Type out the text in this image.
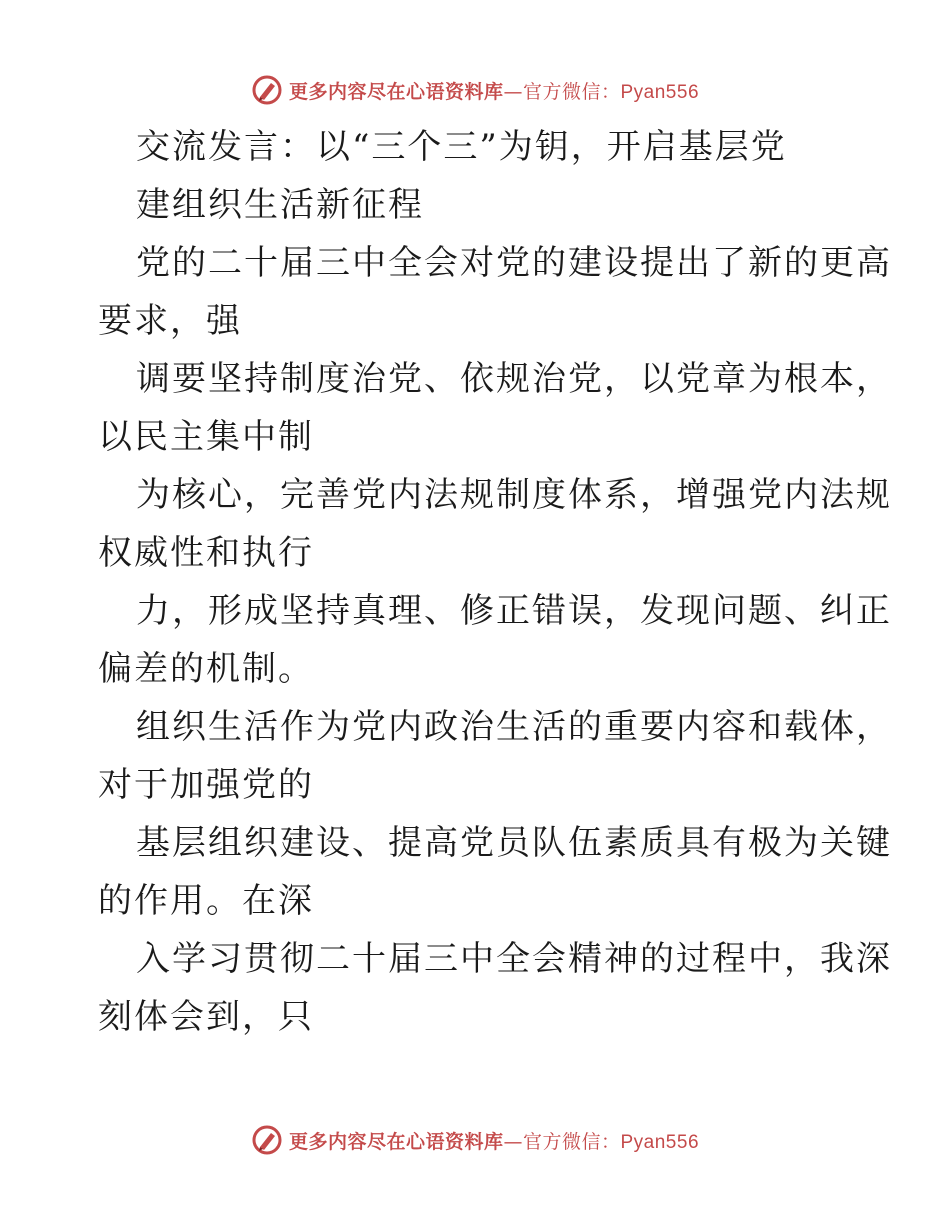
更多内容尽在心语资料库—官方微信：Pyan556
交流发言：以“三个三”为钥，开启基层党
建组织生活新征程
党的二十届三中全会对党的建设提出了新的更高
要求，强
调要坚持制度治党、依规治党，以党章为根本，
以民主集中制
为核心，完善党内法规制度体系，增强党内法规
权威性和执行
力，形成坚持真理、修正错误，发现问题、纠正
偏差的机制。
组织生活作为党内政治生活的重要内容和载体，
对于加强党的
基层组织建设、提高党员队伍素质具有极为关键
的作用。在深
入学习贯彻二十届三中全会精神的过程中，我深
刻体会到，只
更多内容尽在心语资料库—官方微信：Pyan556
